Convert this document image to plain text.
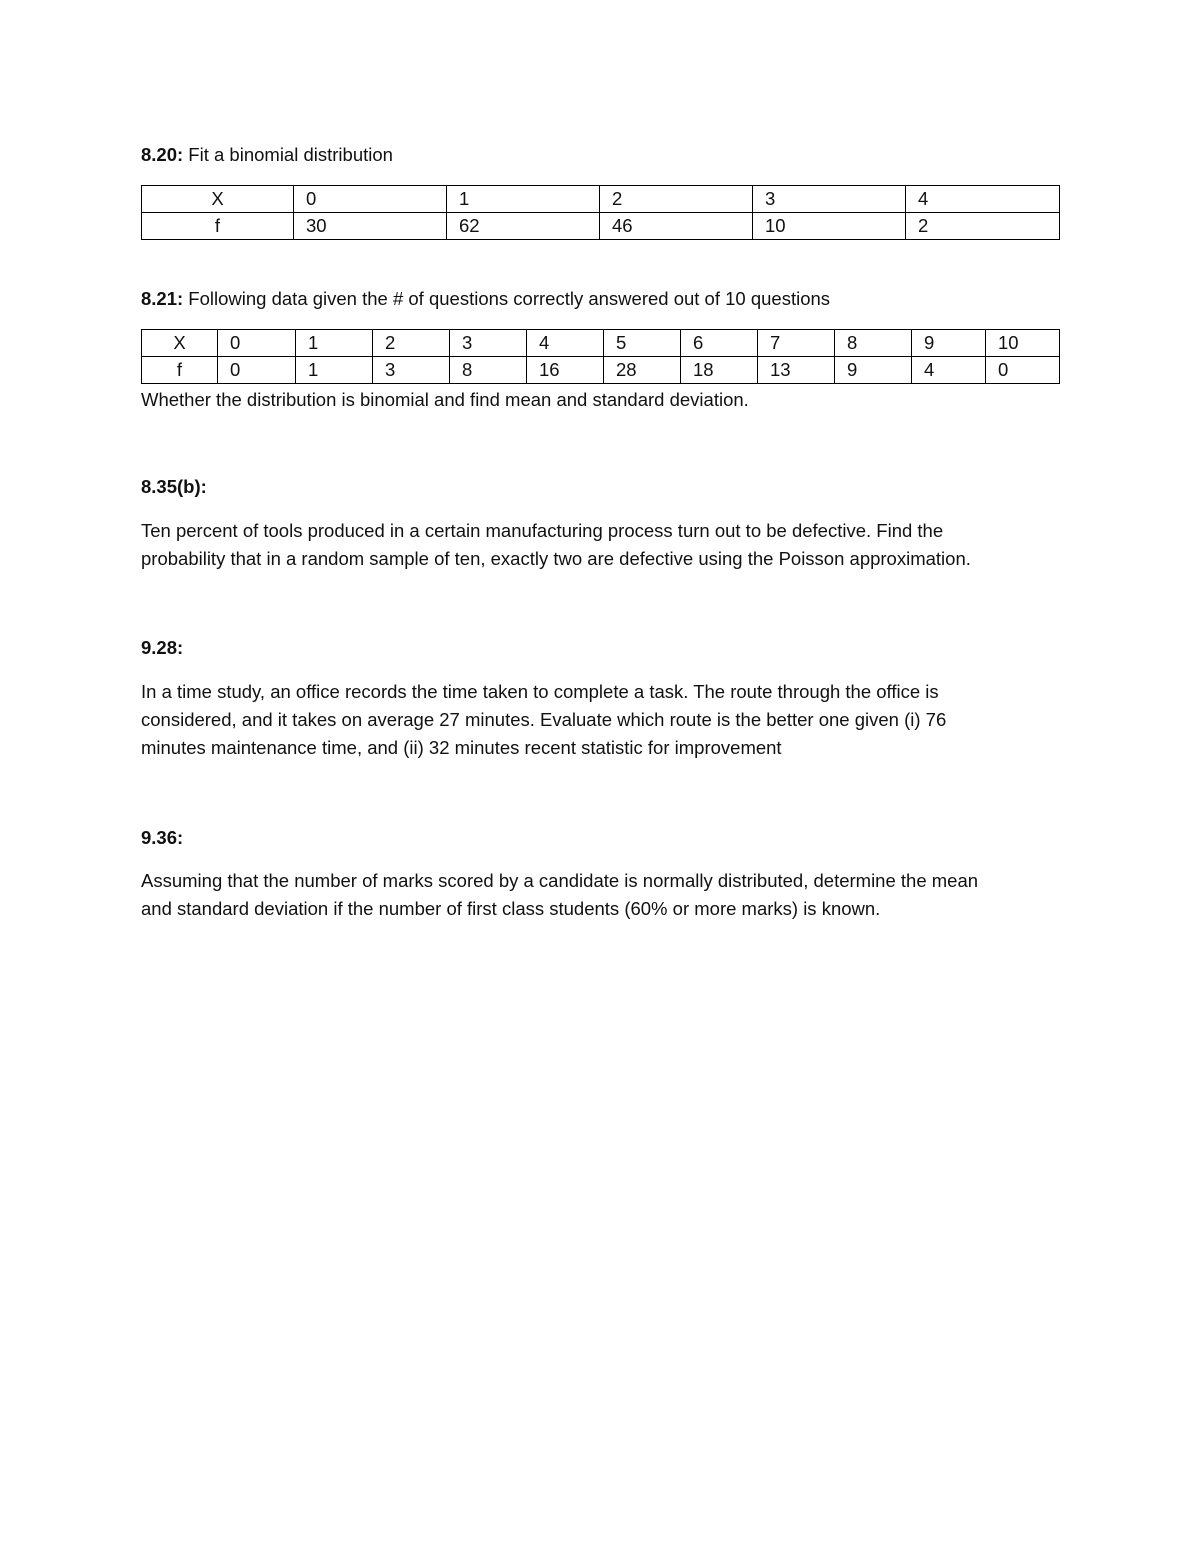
8.20: Fit a binomial distribution
X	0	1	2	3	4
f	30	62	46	10	2
8.21: Following data given the # of questions correctly answered out of 10 questions
X	0	1	2	3	4	5	6	7	8	9	10
f	0	1	3	8	16	28	18	13	9	4	0
Whether the distribution is binomial and find mean and standard deviation.
8.35(b):
Ten percent of tools produced in a certain manufacturing process turn out to be defective. Find the
probability that in a random sample of ten, exactly two are defective using the Poisson approximation.
9.28:
In a time study, an office records the time taken to complete a task. The route through the office is
considered, and it takes on average 27 minutes. Evaluate which route is the better one given (i) 76
minutes maintenance time, and (ii) 32 minutes recent statistic for improvement
9.36:
Assuming that the number of marks scored by a candidate is normally distributed, determine the mean
and standard deviation if the number of first class students (60% or more marks) is known.
